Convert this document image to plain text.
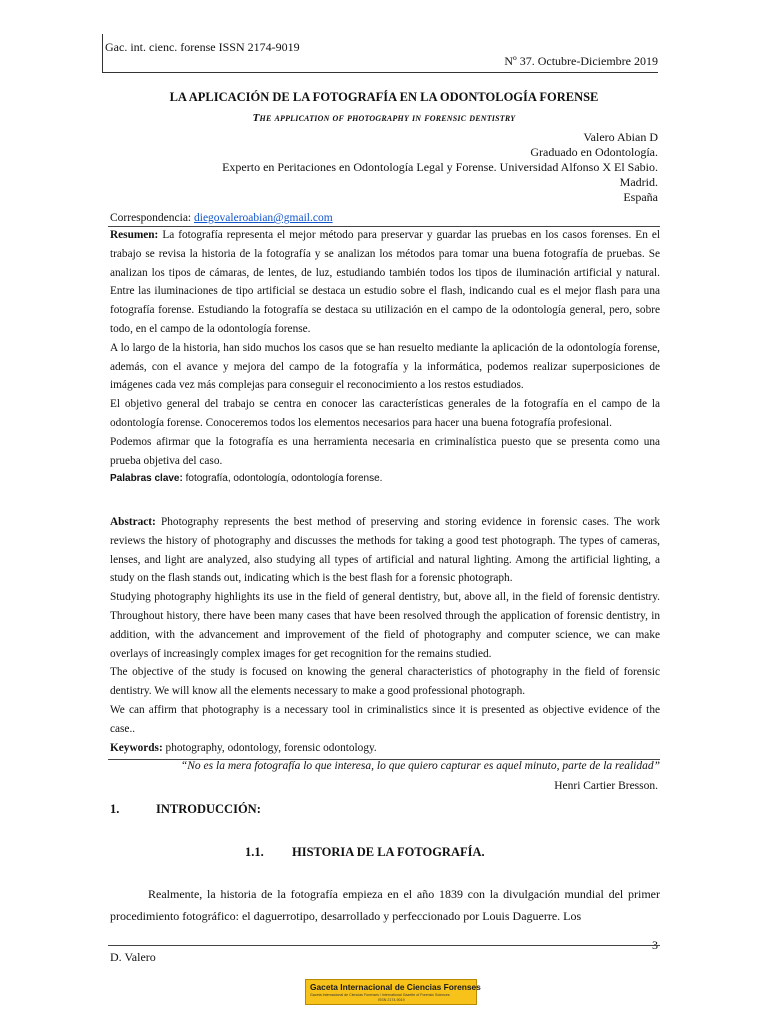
Gac. int. cienc. forense ISSN 2174-9019
Nº 37. Octubre-Diciembre 2019
LA APLICACIÓN DE LA FOTOGRAFÍA EN LA ODONTOLOGÍA FORENSE
The application of photography in forensic dentistry
Valero Abian D
Graduado en Odontología.
Experto en Peritaciones en Odontología Legal y Forense. Universidad Alfonso X El Sabio.
Madrid.
España
Correspondencia: diegovaleroabian@gmail.com

Resumen: La fotografía representa el mejor método para preservar y guardar las pruebas en los casos forenses. En el trabajo se revisa la historia de la fotografía y se analizan los métodos para tomar una buena fotografía de pruebas. Se analizan los tipos de cámaras, de lentes, de luz, estudiando también todos los tipos de iluminación artificial y natural. Entre las iluminaciones de tipo artificial se destaca un estudio sobre el flash, indicando cual es el mejor flash para una fotografía forense. Estudiando la fotografía se destaca su utilización en el campo de la odontología general, pero, sobre todo, en el campo de la odontología forense.

A lo largo de la historia, han sido muchos los casos que se han resuelto mediante la aplicación de la odontología forense, además, con el avance y mejora del campo de la fotografía y la informática, podemos realizar superposiciones de imágenes cada vez más complejas para conseguir el reconocimiento a los restos estudiados.

El objetivo general del trabajo se centra en conocer las características generales de la fotografía en el campo de la odontología forense. Conoceremos todos los elementos necesarios para hacer una buena fotografía profesional.

Podemos afirmar que la fotografía es una herramienta necesaria en criminalística puesto que se presenta como una prueba objetiva del caso.

Palabras clave: fotografía, odontología, odontología forense.

Abstract: Photography represents the best method of preserving and storing evidence in forensic cases. The work reviews the history of photography and discusses the methods for taking a good test photograph. The types of cameras, lenses, and light are analyzed, also studying all types of artificial and natural lighting. Among the artificial lighting, a study on the flash stands out, indicating which is the best flash for a forensic photograph.

Studying photography highlights its use in the field of general dentistry, but, above all, in the field of forensic dentistry. Throughout history, there have been many cases that have been resolved through the application of forensic dentistry, in addition, with the advancement and improvement of the field of photography and computer science, we can make overlays of increasingly complex images for get recognition for the remains studied.

The objective of the study is focused on knowing the general characteristics of photography in the field of forensic dentistry. We will know all the elements necessary to make a good professional photograph.

We can affirm that photography is a necessary tool in criminalistics since it is presented as objective evidence of the case..

Keywords: photography, odontology, forensic odontology.

“No es la mera fotografía lo que interesa, lo que quiero capturar es aquel minuto, parte de la realidad”
Henri Cartier Bresson.
1.	INTRODUCCIÓN:
1.1. HISTORIA DE LA FOTOGRAFÍA.

Realmente, la historia de la fotografía empieza en el año 1839 con la divulgación mundial del primer procedimiento fotográfico: el daguerrotipo, desarrollado y perfeccionado por Louis Daguerre. Los

D. Valero
Gaceta Internacional de Ciencias Forenses
Gaceta Internacional de Ciencias Forenses / International Gazette of Forensic Sciences
ISSN 2174-9019
